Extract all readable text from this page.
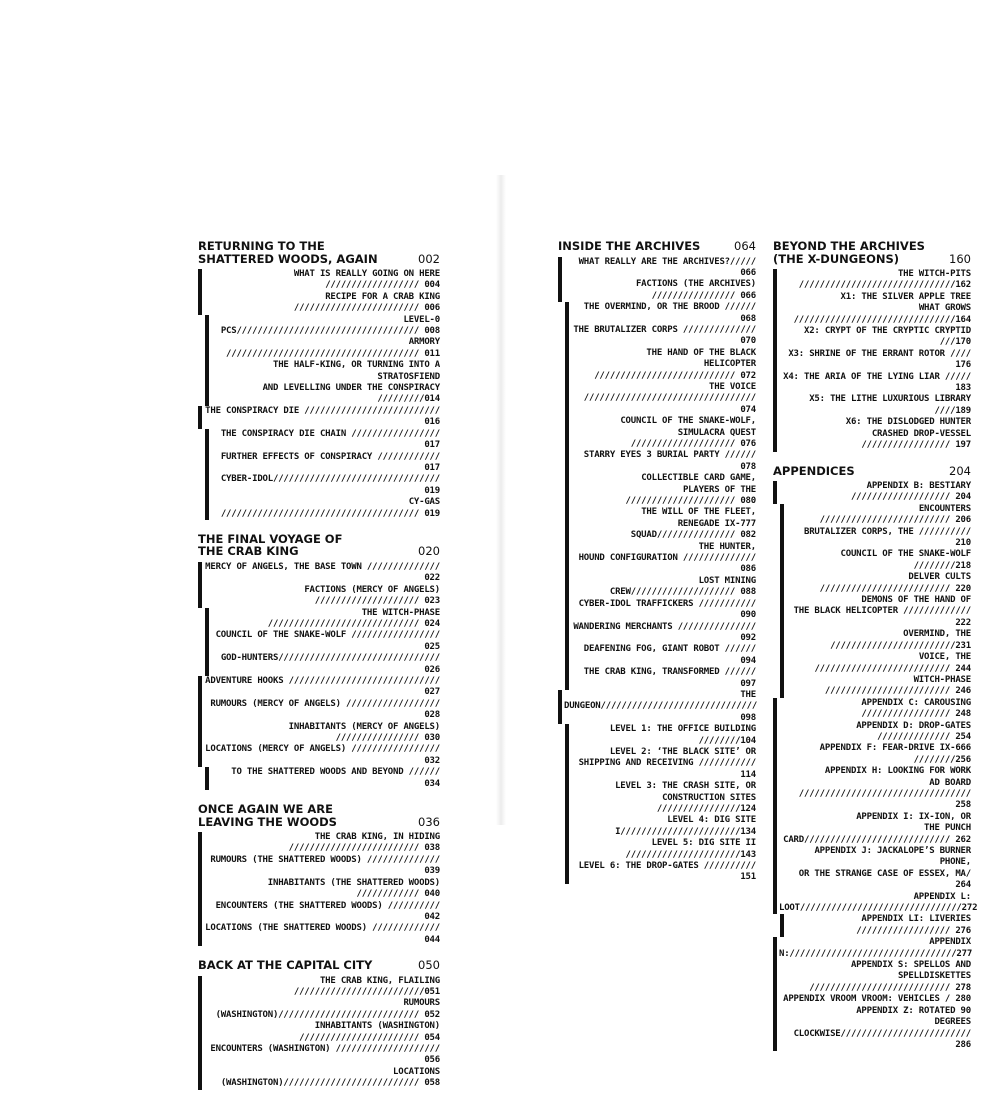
RETURNING TO THE
SHATTERED WOODS, AGAIN	002
WHAT IS REALLY GOING ON HERE ////////////////// 004
RECIPE FOR A CRAB KING //////////////////////// 006
LEVEL-0 PCS/////////////////////////////////// 008
ARMORY ///////////////////////////////////// 011
THE HALF-KING, OR TURNING INTO A STRATOSFIEND
AND LEVELLING UNDER THE CONSPIRACY /////////014
THE CONSPIRACY DIE ////////////////////////// 016
THE CONSPIRACY DIE CHAIN ///////////////// 017
FURTHER EFFECTS OF CONSPIRACY //////////// 017
CYBER-IDOL//////////////////////////////// 019
CY-GAS ////////////////////////////////////// 019
THE FINAL VOYAGE OF
THE CRAB KING	020
MERCY OF ANGELS, THE BASE TOWN ////////////// 022
FACTIONS (MERCY OF ANGELS) //////////////////// 023
THE WITCH-PHASE ///////////////////////////// 024
COUNCIL OF THE SNAKE-WOLF ///////////////// 025
GOD-HUNTERS/////////////////////////////// 026
ADVENTURE HOOKS ///////////////////////////// 027
RUMOURS (MERCY OF ANGELS) ////////////////// 028
INHABITANTS (MERCY OF ANGELS) //////////////// 030
LOCATIONS (MERCY OF ANGELS) ///////////////// 032
TO THE SHATTERED WOODS AND BEYOND ////// 034
ONCE AGAIN WE ARE
LEAVING THE WOODS	036
THE CRAB KING, IN HIDING ///////////////////////// 038
RUMOURS (THE SHATTERED WOODS) ////////////// 039
INHABITANTS (THE SHATTERED WOODS) //////////// 040
ENCOUNTERS (THE SHATTERED WOODS) ////////// 042
LOCATIONS (THE SHATTERED WOODS) ///////////// 044
BACK AT THE CAPITAL CITY	050
THE CRAB KING, FLAILING /////////////////////////051
RUMOURS (WASHINGTON)/////////////////////////// 052
INHABITANTS (WASHINGTON) /////////////////////// 054
ENCOUNTERS (WASHINGTON) //////////////////// 056
LOCATIONS (WASHINGTON)////////////////////////// 058
INSIDE THE ARCHIVES	064
WHAT REALLY ARE THE ARCHIVES?///// 066
FACTIONS (THE ARCHIVES) //////////////// 066
THE OVERMIND, OR THE BROOD ////// 068
THE BRUTALIZER CORPS ////////////// 070
THE HAND OF THE BLACK
HELICOPTER /////////////////////////// 072
THE VOICE ///////////////////////////////// 074
COUNCIL OF THE SNAKE-WOLF,
SIMULACRA QUEST //////////////////// 076
STARRY EYES 3 BURIAL PARTY ////// 078
COLLECTIBLE CARD GAME,
PLAYERS OF THE ///////////////////// 080
THE WILL OF THE FLEET,
RENEGADE IX-777 SQUAD/////////////// 082
THE HUNTER,
HOUND CONFIGURATION ////////////// 086
LOST MINING CREW//////////////////// 088
CYBER-IDOL TRAFFICKERS /////////// 090
WANDERING MERCHANTS /////////////// 092
DEAFENING FOG, GIANT ROBOT ////// 094
THE CRAB KING, TRANSFORMED ////// 097
THE DUNGEON////////////////////////////// 098
LEVEL 1: THE OFFICE BUILDING ////////104
LEVEL 2: ‘THE BLACK SITE’ OR
SHIPPING AND RECEIVING /////////// 114
LEVEL 3: THE CRASH SITE, OR
CONSTRUCTION SITES ////////////////124
LEVEL 4: DIG SITE I///////////////////////134
LEVEL 5: DIG SITE II //////////////////////143
LEVEL 6: THE DROP-GATES ////////// 151
BEYOND THE ARCHIVES
(THE X-DUNGEONS)	160
THE WITCH-PITS //////////////////////////////162
X1: THE SILVER APPLE TREE
WHAT GROWS ///////////////////////////////164
X2: CRYPT OF THE CRYPTIC CRYPTID ///170
X3: SHRINE OF THE ERRANT ROTOR //// 176
X4: THE ARIA OF THE LYING LIAR ///// 183
X5: THE LITHE LUXURIOUS LIBRARY ////189
X6: THE DISLODGED HUNTER
CRASHED DROP-VESSEL ///////////////// 197
APPENDICES	204
APPENDIX B: BESTIARY /////////////////// 204
ENCOUNTERS ///////////////////////// 206
BRUTALIZER CORPS, THE ////////// 210
COUNCIL OF THE SNAKE-WOLF ////////218
DELVER CULTS ///////////////////////// 220
DEMONS OF THE HAND OF
THE BLACK HELICOPTER ///////////// 222
OVERMIND, THE ////////////////////////231
VOICE, THE ////////////////////////// 244
WITCH-PHASE //////////////////////// 246
APPENDIX C: CAROUSING ///////////////// 248
APPENDIX D: DROP-GATES ////////////// 254
APPENDIX F: FEAR-DRIVE IX-666 ////////256
APPENDIX H: LOOKING FOR WORK
AD BOARD ///////////////////////////////// 258
APPENDIX I: IX-ION, OR
THE PUNCH CARD//////////////////////////// 262
APPENDIX J: JACKALOPE’S BURNER PHONE,
OR THE STRANGE CASE OF ESSEX, MA/ 264
APPENDIX L: LOOT///////////////////////////////272
APPENDIX LI: LIVERIES ////////////////// 276
APPENDIX N:////////////////////////////////277
APPENDIX S: SPELLOS AND
SPELLDISKETTES /////////////////////////// 278
APPENDIX VROOM VROOM: VEHICLES / 280
APPENDIX Z: ROTATED 90
DEGREES CLOCKWISE///////////////////////// 286
